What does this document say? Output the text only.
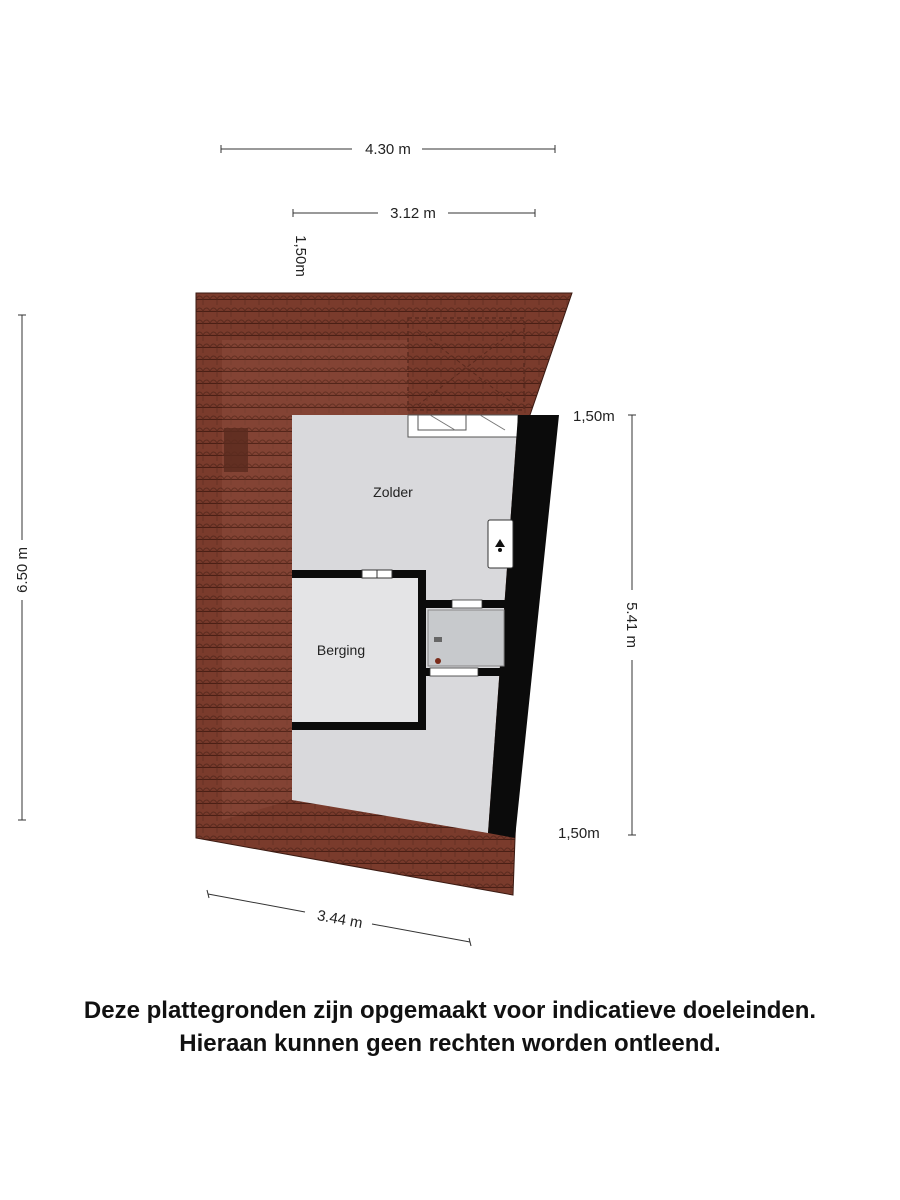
Zolder
Berging
4.30 m
3.12 m
1,50m
6.50 m
5.41 m
1,50m
1,50m
3.44 m
Deze plattegronden zijn opgemaakt voor indicatieve doeleinden.
Hieraan kunnen geen rechten worden ontleend.
